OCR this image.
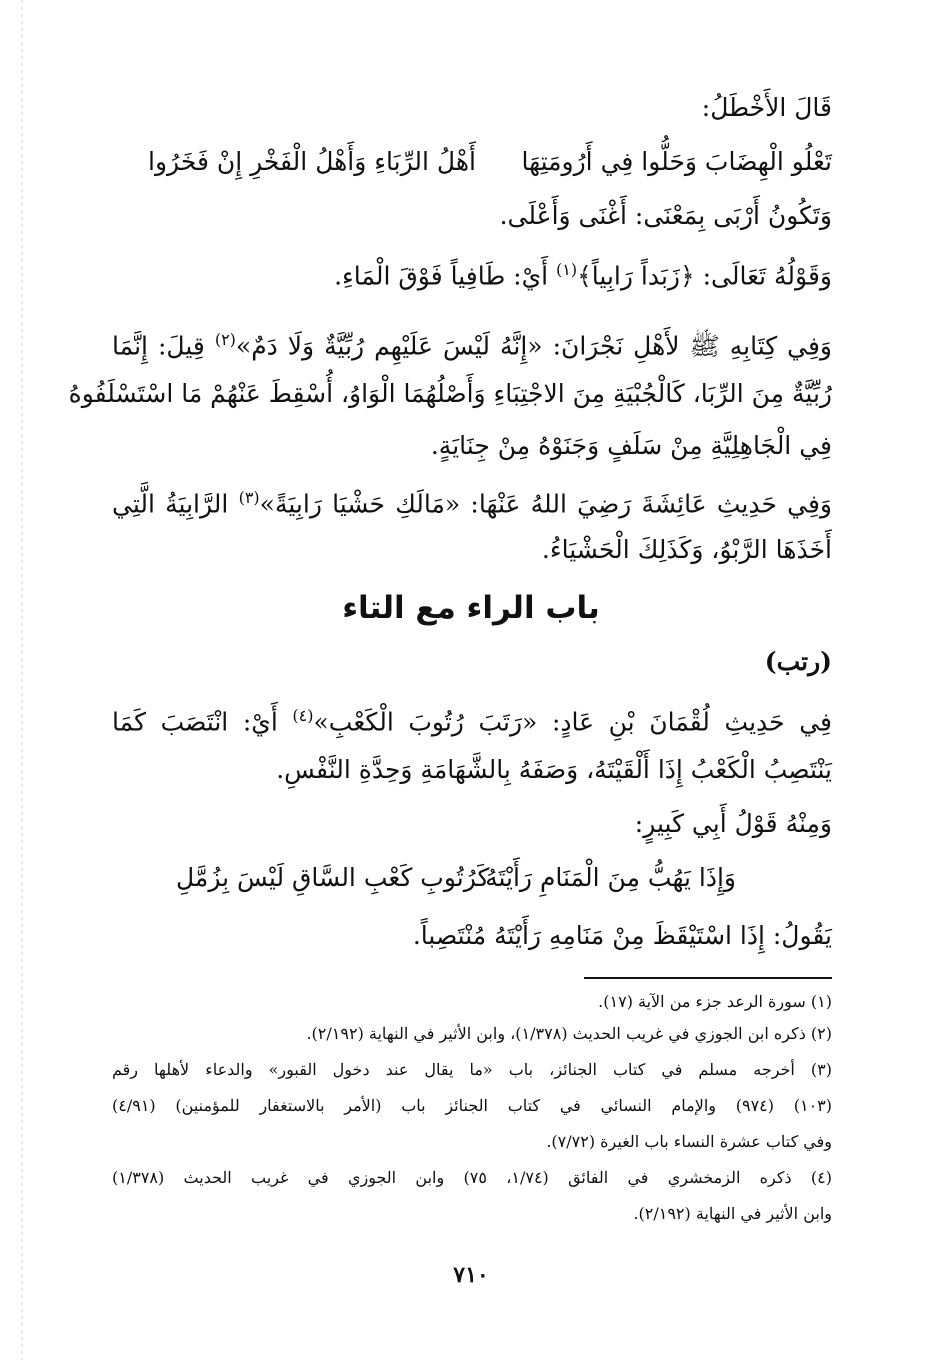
قَالَ الأَخْطَلُ:
تَعْلُو الْهِضَابَ وَحَلُّوا فِي أَرُومَتِهَا
أَهْلُ الرِّبَاءِ وَأَهْلُ الْفَخْرِ إِنْ فَخَرُوا
وَتَكُونُ أَرْبَى بِمَعْنَى: أَغْنَى وَأَعْلَى.
وَقَوْلُهُ تَعَالَى: ﴿زَبَداً رَابِياً﴾$^{(١)}$ أَيْ: طَافِياً فَوْقَ الْمَاءِ.
وَفِي كِتَابِهِ ﷺ لأَهْلِ نَجْرَانَ: «إِنَّهُ لَيْسَ عَلَيْهِم رُبِّيَّةٌ وَلَا دَمٌ»$^{(٢)}$ قِيلَ: إِنَّمَا
رُبِّيَّةٌ مِنَ الرِّبَا، كَالْجُبْيَةِ مِنَ الاجْتِبَاءِ وَأَصْلُهُمَا الْوَاوُ، أُسْقِطَ عَنْهُمْ مَا اسْتَسْلَفُوهُ
فِي الْجَاهِلِيَّةِ مِنْ سَلَفٍ وَجَنَوْهُ مِنْ جِنَايَةٍ.
وَفِي حَدِيثِ عَائِشَةَ رَضِيَ اللهُ عَنْهَا: «مَالَكِ حَشْيَا رَابِيَةً»$^{(٣)}$ الرَّابِيَةُ الَّتِي
أَخَذَهَا الرَّبْوُ، وَكَذَلِكَ الْحَشْيَاءُ.
باب الراء مع التاء
(رتب)
فِي حَدِيثِ لُقْمَانَ بْنِ عَادٍ: «رَتَبَ رُتُوبَ الْكَعْبِ»$^{(٤)}$ أَيْ: انْتَصَبَ كَمَا
يَنْتَصِبُ الْكَعْبُ إِذَا أَلْقَيْتَهُ، وَصَفَهُ بِالشَّهَامَةِ وَحِدَّةِ النَّفْسِ.
وَمِنْهُ قَوْلُ أَبِي كَبِيرٍ:
وَإِذَا يَهُبُّ مِنَ الْمَنَامِ رَأَيْتَهُ
كَرُتُوبِ كَعْبِ السَّاقِ لَيْسَ بِزُمَّلِ
يَقُولُ: إِذَا اسْتَيْقَظَ مِنْ مَنَامِهِ رَأَيْتَهُ مُنْتَصِباً.
(١) سورة الرعد جزء من الآية (١٧).
(٢) ذكره ابن الجوزي في غريب الحديث (١/٣٧٨)، وابن الأثير في النهاية (٢/١٩٢).
(٣) أخرجه مسلم في كتاب الجنائز، باب «ما يقال عند دخول القبور» والدعاء لأهلها رقم
(١٠٣) (٩٧٤) والإمام النسائي في كتاب الجنائز باب (الأمر بالاستغفار للمؤمنين) (٤/٩١)
وفي كتاب عشرة النساء باب الغيرة (٧/٧٢).
(٤) ذكره الزمخشري في الفائق (١/٧٤، ٧٥) وابن الجوزي في غريب الحديث (١/٣٧٨)
وابن الأثير في النهاية (٢/١٩٢).
٧١٠
